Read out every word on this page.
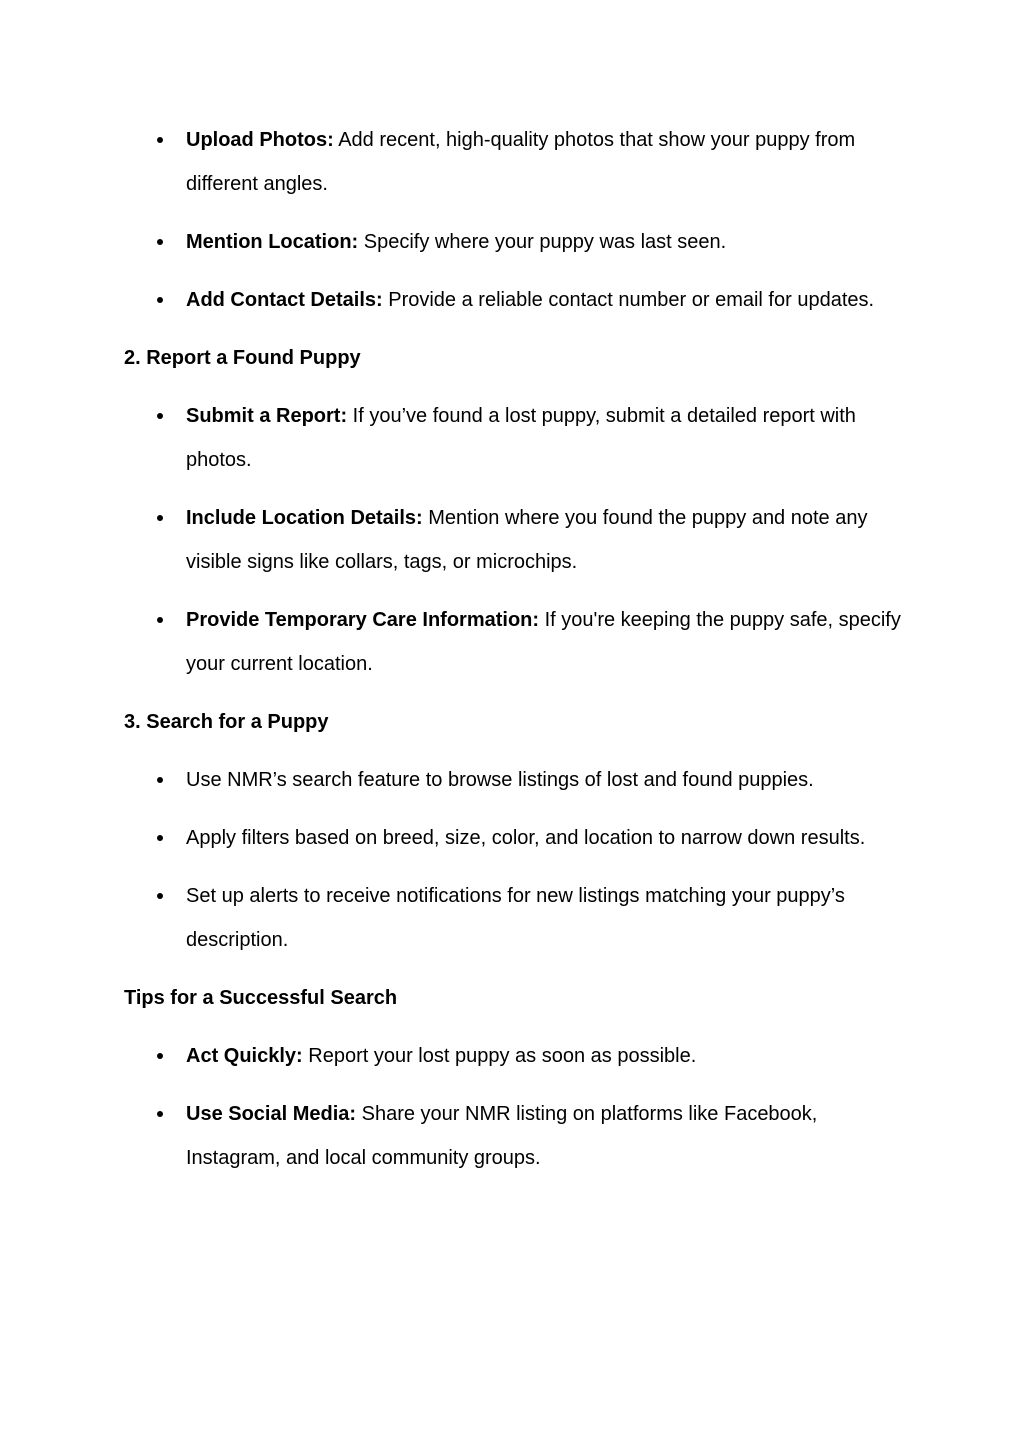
Upload Photos: Add recent, high-quality photos that show your puppy from different angles.
Mention Location: Specify where your puppy was last seen.
Add Contact Details: Provide a reliable contact number or email for updates.
2. Report a Found Puppy
Submit a Report: If you’ve found a lost puppy, submit a detailed report with photos.
Include Location Details: Mention where you found the puppy and note any visible signs like collars, tags, or microchips.
Provide Temporary Care Information: If you're keeping the puppy safe, specify your current location.
3. Search for a Puppy
Use NMR’s search feature to browse listings of lost and found puppies.
Apply filters based on breed, size, color, and location to narrow down results.
Set up alerts to receive notifications for new listings matching your puppy’s description.
Tips for a Successful Search
Act Quickly: Report your lost puppy as soon as possible.
Use Social Media: Share your NMR listing on platforms like Facebook, Instagram, and local community groups.
